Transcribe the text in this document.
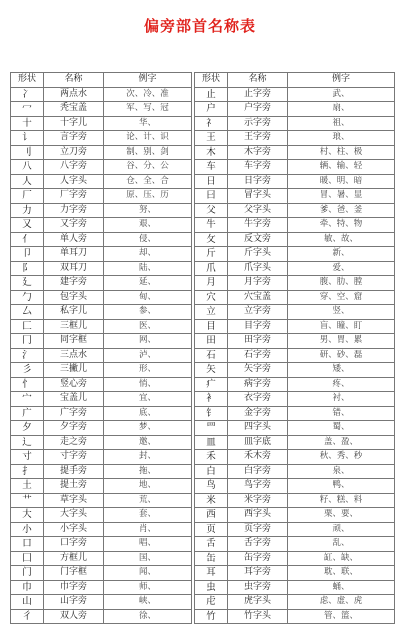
偏旁部首名称表
形状	名称	例字		形状	名称	例字
冫	两点水	次、冷、准		止	止字旁	武、
冖	秃宝盖	军、写、冠		户	户字旁	扇、
十	十字儿	华、		礻	示字旁	祖、
讠	言字旁	论、计、识		王	王字旁	琅、
刂	立刀旁	制、别、剑		木	木字旁	村、柱、极
八	八字旁	谷、分、公		车	车字旁	辆、输、轻
人	人字头	仓、全、合		日	日字旁	暖、明、暗
厂	厂字旁	原、压、历		曰	冒字头	冒、暑、显
力	力字旁	努、		父	父字头	爹、爸、釜
又	又字旁	艰、		牛	牛字旁	牵、特、物
亻	单人旁	侵、		攵	反文旁	敏、故、
卩	单耳刀	却、		斤	斤字头	新、
阝	双耳刀	陆、		爪	爪字头	爱、
廴	建字旁	延、		月	月字旁	腹、肋、膛
勹	包字头	甸、		穴	穴宝盖	穿、空、窟
厶	私字儿	参、		立	立字旁	竖、
匚	三框儿	医、		目	目字旁	盲、瞳、盯
冂	同字框	网、		田	田字旁	男、胃、累
氵	三点水	泸、		石	石字旁	研、砂、磊
彡	三撇儿	形、		矢	矢字旁	矮、
忄	竖心旁	悄、		疒	病字旁	疼、
宀	宝盖儿	宜、		衤	衣字旁	衬、
广	广字旁	底、		钅	金字旁	错、
夕	夕字旁	梦、		罒	四字头	蜀、
辶	走之旁	邀、		皿	皿字底	盖、盈、
寸	寸字旁	封、		禾	禾木旁	秋、秀、秒
扌	提手旁	拖、		白	白字旁	泉、
土	提土旁	地、		鸟	鸟字旁	鸭、
艹	草字头	荒、		米	米字旁	籽、糕、料
大	大字头	套、		西	西字头	栗、要、
小	小字头	肖、		页	页字旁	顽、
口	口字旁	唱、		舌	舌字旁	乱、
囗	方框儿	国、		缶	缶字旁	缸、缺、
门	门字框	闻、		耳	耳字旁	耽、联、
巾	巾字旁	师、		虫	虫字旁	蛹、
山	山字旁	峡、		虍	虎字头	虑、虚、虎
彳	双人旁	徐、		竹	竹字头	管、篮、
